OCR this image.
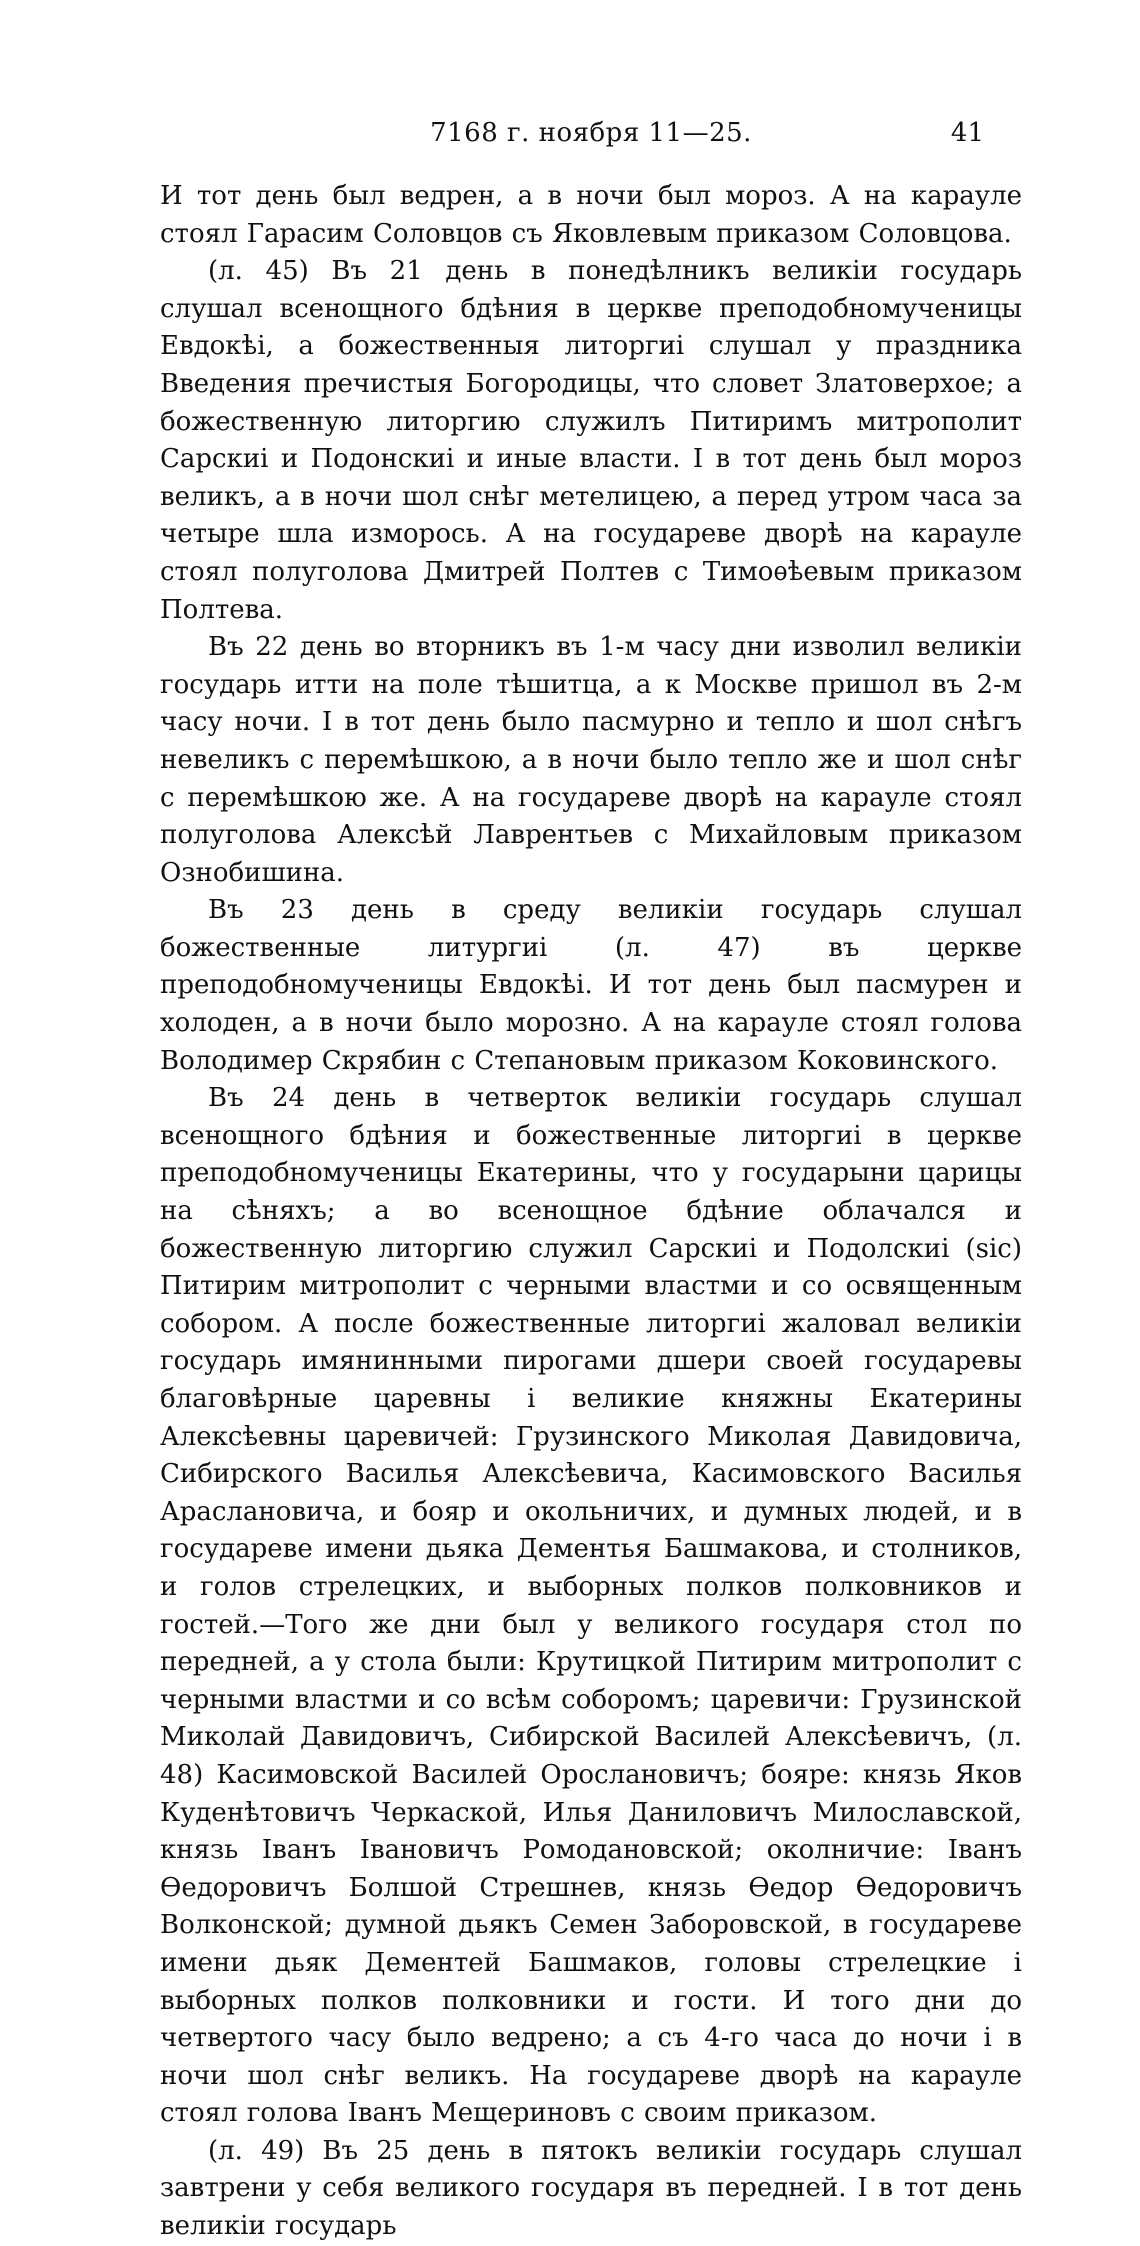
7168 г. ноября 11—25.	41

И тот день был ведрен, а в ночи был мороз. А на карауле стоял Гарасим Соловцов съ Яковлевым приказом Соловцова.

(л. 45) Въ 21 день в понедѣлникъ великiи государь слушал всенощного бдѣния в церкве преподобномученицы Евдокѣi, а божественныя литоргиi слушал у праздника Введения пречистыя Богородицы, что словет Златоверхое; а божественную литоргию служилъ Питиримъ митрополит Сарскиi и Подонскиi и иные власти. I в тот день был мороз великъ, а в ночи шол снѣг метелицею, а перед утром часа за четыре шла изморось. А на государеве дворѣ на карауле стоял полуголова Дмитрей Полтев с Тимоѳѣевым приказом Полтева.

Въ 22 день во вторникъ въ 1-м часу дни изволил великiи государь итти на поле тѣшитца, а к Москве пришол въ 2-м часу ночи. I в тот день было пасмурно и тепло и шол снѣгъ невеликъ с перемѣшкою, а в ночи было тепло же и шол снѣг с перемѣшкою же. А на государеве дворѣ на карауле стоял полуголова Алексѣй Лаврентьев с Михайловым приказом Ознобишина.

Въ 23 день в среду великiи государь слушал божественные литургиi (л. 47) въ церкве преподобномученицы Евдокѣi. И тот день был пасмурен и холоден, а в ночи было морозно. А на карауле стоял голова Володимер Скрябин с Степановым приказом Коковинского.

Въ 24 день в четверток великiи государь слушал всенощного бдѣния и божественные литоргиi в церкве преподобномученицы Екатерины, что у государыни царицы на сѣняхъ; а во всенощное бдѣние облачался и божественную литоргию служил Сарскиi и Подолскиi (sic) Питирим митрополит с черными властми и со освященным собором. А после божественные литоргиi жаловал великiи государь имянинными пирогами дшери своей государевы благовѣрные царевны i великие княжны Екатерины Алексѣевны царевичей: Грузинского Миколая Давидовича, Сибирского Василья Алексѣевича, Касимовского Василья Арaслановича, и бояр и окольничих, и думных людей, и в государеве имени дьяка Дементья Башмакова, и столников, и голов стрелецких, и выборных полков полковников и гостей.—Того же дни был у великого государя стол по передней, а у стола были: Крутицкой Питирим митрополит с черными властми и со всѣм соборомъ; царевичи: Грузинской Миколай Давидовичъ, Сибирской Василей Алексѣевичъ, (л. 48) Касимовской Василей Орослановичъ; бояре: князь Яков Куденѣтовичъ Черкаской, Илья Даниловичъ Милославской, князь Iванъ Iвановичъ Ромодановской; околничие: Iванъ Ѳедоровичъ Болшой Стрешнев, князь Ѳедор Ѳедоровичъ Волконской; думной дьякъ Семен Заборовской, в государеве имени дьяк Дементей Башмаков, головы стрелецкие i выборных полков полковники и гости. И того дни до четвертого часу было ведрено; а съ 4-го часа до ночи i в ночи шол снѣг великъ. На государеве дворѣ на карауле стоял голова Iванъ Мещериновъ с своим приказом.

(л. 49) Въ 25 день в пятокъ великiи государь слушал завтрени у себя великого государя въ передней. I в тот день великiи государь
